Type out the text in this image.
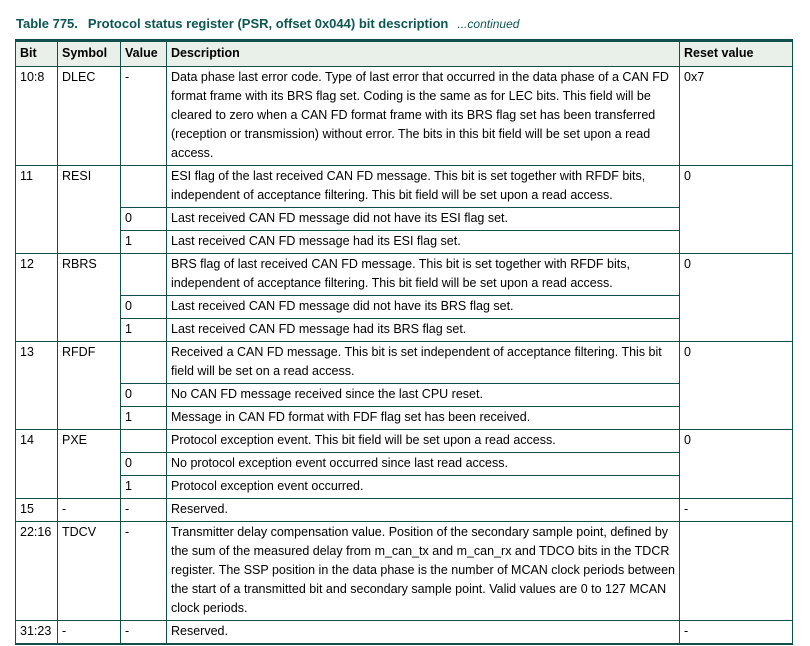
Table 775. Protocol status register (PSR, offset 0x044) bit description ...continued

Bit	Symbol	Value	Description	Reset value
10:8	DLEC	-	Data phase last error code. Type of last error that occurred in the data phase of a CAN FD format frame with its BRS flag set. Coding is the same as for LEC bits. This field will be cleared to zero when a CAN FD format frame with its BRS flag set has been transferred (reception or transmission) without error. The bits in this bit field will be set upon a read access.	0x7
11	RESI		ESI flag of the last received CAN FD message. This bit is set together with RFDF bits, independent of acceptance filtering. This bit field will be set upon a read access.	0
		0	Last received CAN FD message did not have its ESI flag set.	
		1	Last received CAN FD message had its ESI flag set.	
12	RBRS		BRS flag of last received CAN FD message. This bit is set together with RFDF bits, independent of acceptance filtering. This bit field will be set upon a read access.	0
		0	Last received CAN FD message did not have its BRS flag set.	
		1	Last received CAN FD message had its BRS flag set.	
13	RFDF		Received a CAN FD message. This bit is set independent of acceptance filtering. This bit field will be set on a read access.	0
		0	No CAN FD message received since the last CPU reset.	
		1	Message in CAN FD format with FDF flag set has been received.	
14	PXE		Protocol exception event. This bit field will be set upon a read access.	0
		0	No protocol exception event occurred since last read access.	
		1	Protocol exception event occurred.	
15	-	-	Reserved.	-
22:16	TDCV	-	Transmitter delay compensation value. Position of the secondary sample point, defined by the sum of the measured delay from m_can_tx and m_can_rx and TDCO bits in the TDCR register. The SSP position in the data phase is the number of MCAN clock periods between the start of a transmitted bit and secondary sample point. Valid values are 0 to 127 MCAN clock periods.	
31:23	-	-	Reserved.	-
